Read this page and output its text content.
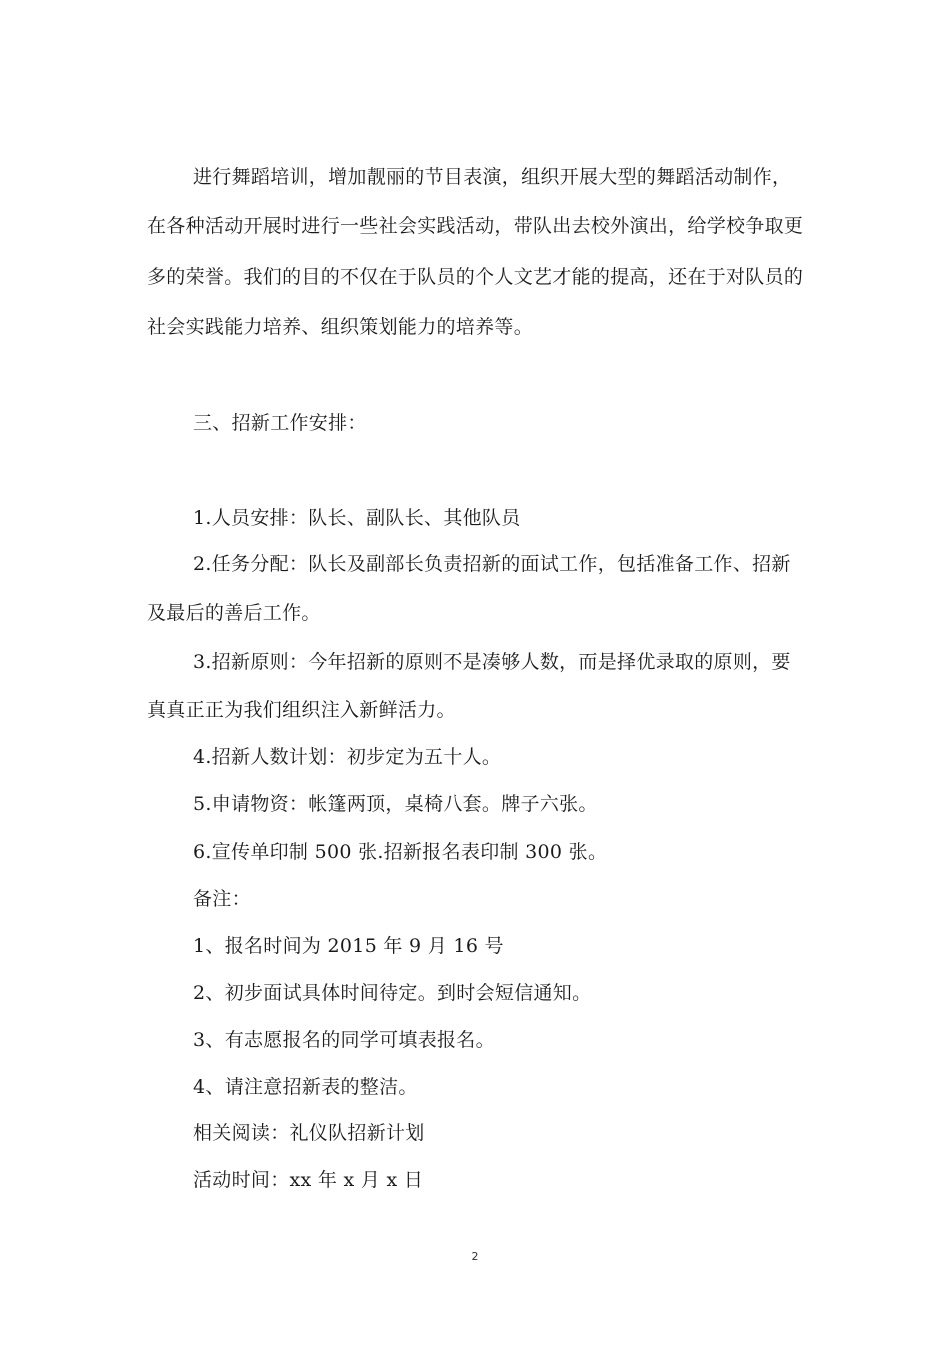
进行舞蹈培训，增加靓丽的节目表演，组织开展大型的舞蹈活动制作，
在各种活动开展时进行一些社会实践活动，带队出去校外演出，给学校争取更
多的荣誉。我们的目的不仅在于队员的个人文艺才能的提高，还在于对队员的
社会实践能力培养、组织策划能力的培养等。
三、招新工作安排：
1.人员安排：队长、副队长、其他队员
2.任务分配：队长及副部长负责招新的面试工作，包括准备工作、招新
及最后的善后工作。
3.招新原则：今年招新的原则不是凑够人数，而是择优录取的原则，要
真真正正为我们组织注入新鲜活力。
4.招新人数计划：初步定为五十人。
5.申请物资：帐篷两顶，桌椅八套。牌子六张。
6.宣传单印制 500 张.招新报名表印制 300 张。
备注：
1、报名时间为 2015 年 9 月 16 号
2、初步面试具体时间待定。到时会短信通知。
3、有志愿报名的同学可填表报名。
4、请注意招新表的整洁。
相关阅读：礼仪队招新计划
活动时间：xx 年 x 月 x 日
2
